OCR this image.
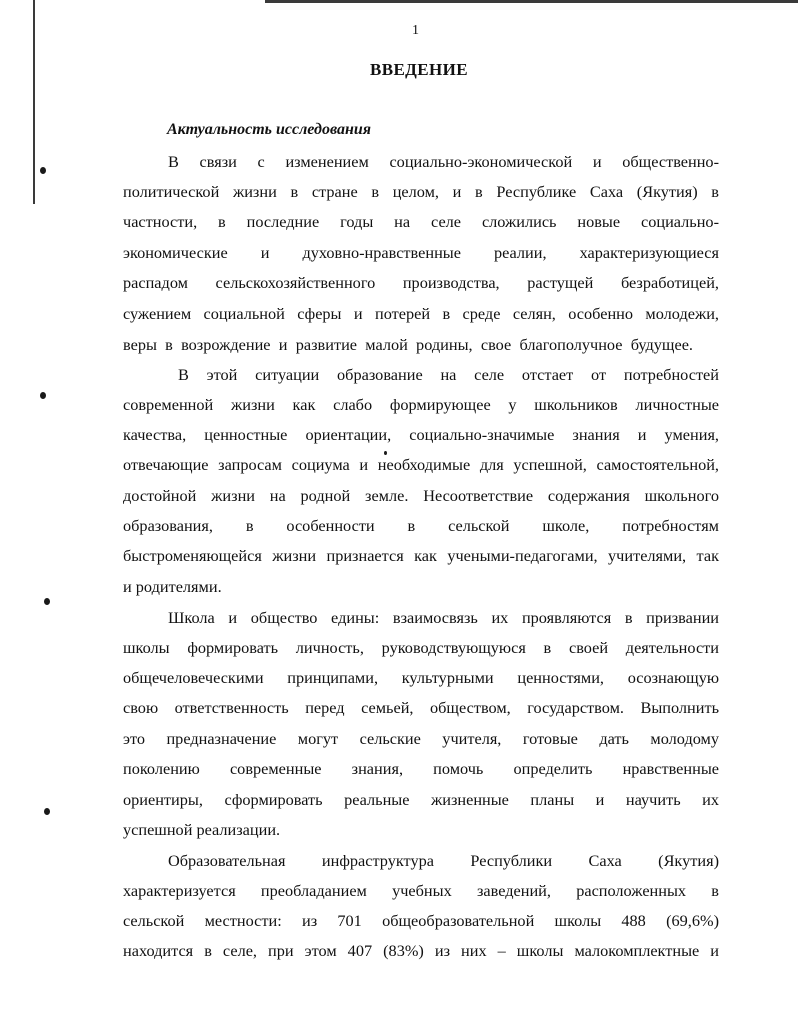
1
ВВЕДЕНИЕ
Актуальность исследования
В связи с изменением социально-экономической и общественно-
политической жизни в стране в целом, и в Республике Саха (Якутия) в
частности, в последние годы на селе сложились новые социально-
экономические и духовно-нравственные реалии, характеризующиеся
распадом сельскохозяйственного производства, растущей безработицей,
сужением социальной сферы и потерей в среде селян, особенно молодежи,
веры в возрождение и развитие малой родины, свое благополучное будущее.
В этой ситуации образование на селе отстает от потребностей
современной жизни как слабо формирующее у школьников личностные
качества, ценностные ориентации, социально-значимые знания и умения,
отвечающие запросам социума и необходимые для успешной, самостоятельной,
достойной жизни на родной земле. Несоответствие содержания школьного
образования, в особенности в сельской школе, потребностям
быстроменяющейся жизни признается как учеными-педагогами, учителями, так
и родителями.
Школа и общество едины: взаимосвязь их проявляются в призвании
школы формировать личность, руководствующуюся в своей деятельности
общечеловеческими принципами, культурными ценностями, осознающую
свою ответственность перед семьей, обществом, государством. Выполнить
это предназначение могут сельские учителя, готовые дать молодому
поколению современные знания, помочь определить нравственные
ориентиры, сформировать реальные жизненные планы и научить их
успешной реализации.
Образовательная инфраструктура Республики Саха (Якутия)
характеризуется преобладанием учебных заведений, расположенных в
сельской местности: из 701 общеобразовательной школы 488 (69,6%)
находится в селе, при этом 407 (83%) из них – школы малокомплектные и
